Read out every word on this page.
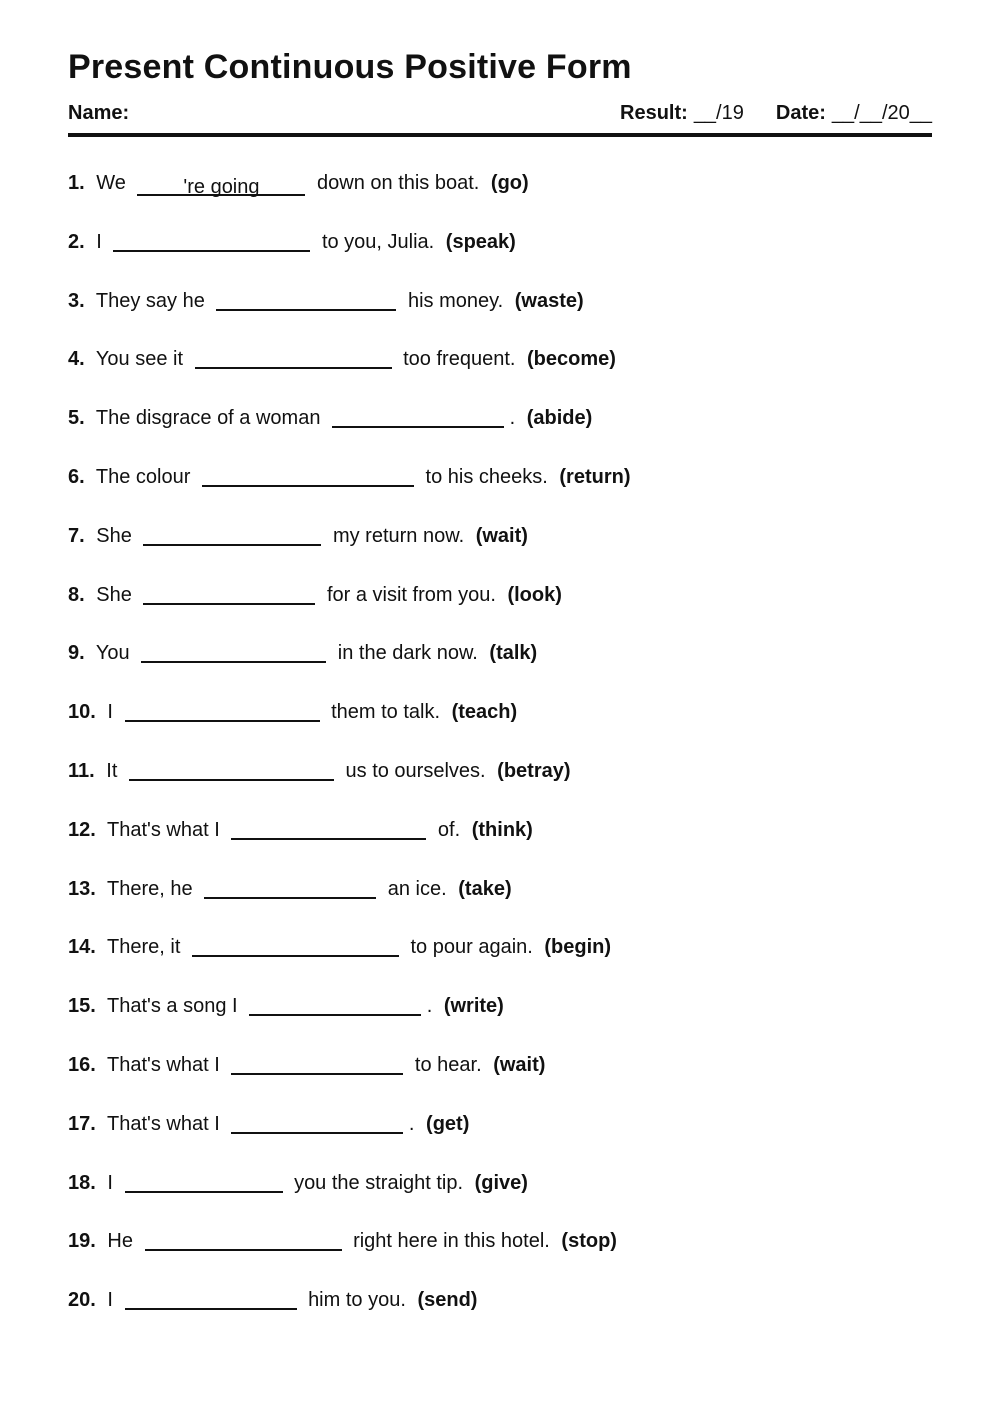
Present Continuous Positive Form
Name:	Result: __/19 Date: __/__/20__
1. We	're going	down on this boat. (go)
2. I	to you, Julia. (speak)
3. They say he	his money. (waste)
4. You see it	too frequent. (become)
5. The disgrace of a woman	. (abide)
6. The colour	to his cheeks. (return)
7. She	my return now. (wait)
8. She	for a visit from you. (look)
9. You	in the dark now. (talk)
10. I	them to talk. (teach)
11. It	us to ourselves. (betray)
12. That's what I	of. (think)
13. There, he	an ice. (take)
14. There, it	to pour again. (begin)
15. That's a song I	. (write)
16. That's what I	to hear. (wait)
17. That's what I	. (get)
18. I	you the straight tip. (give)
19. He	right here in this hotel. (stop)
20. I	him to you. (send)
